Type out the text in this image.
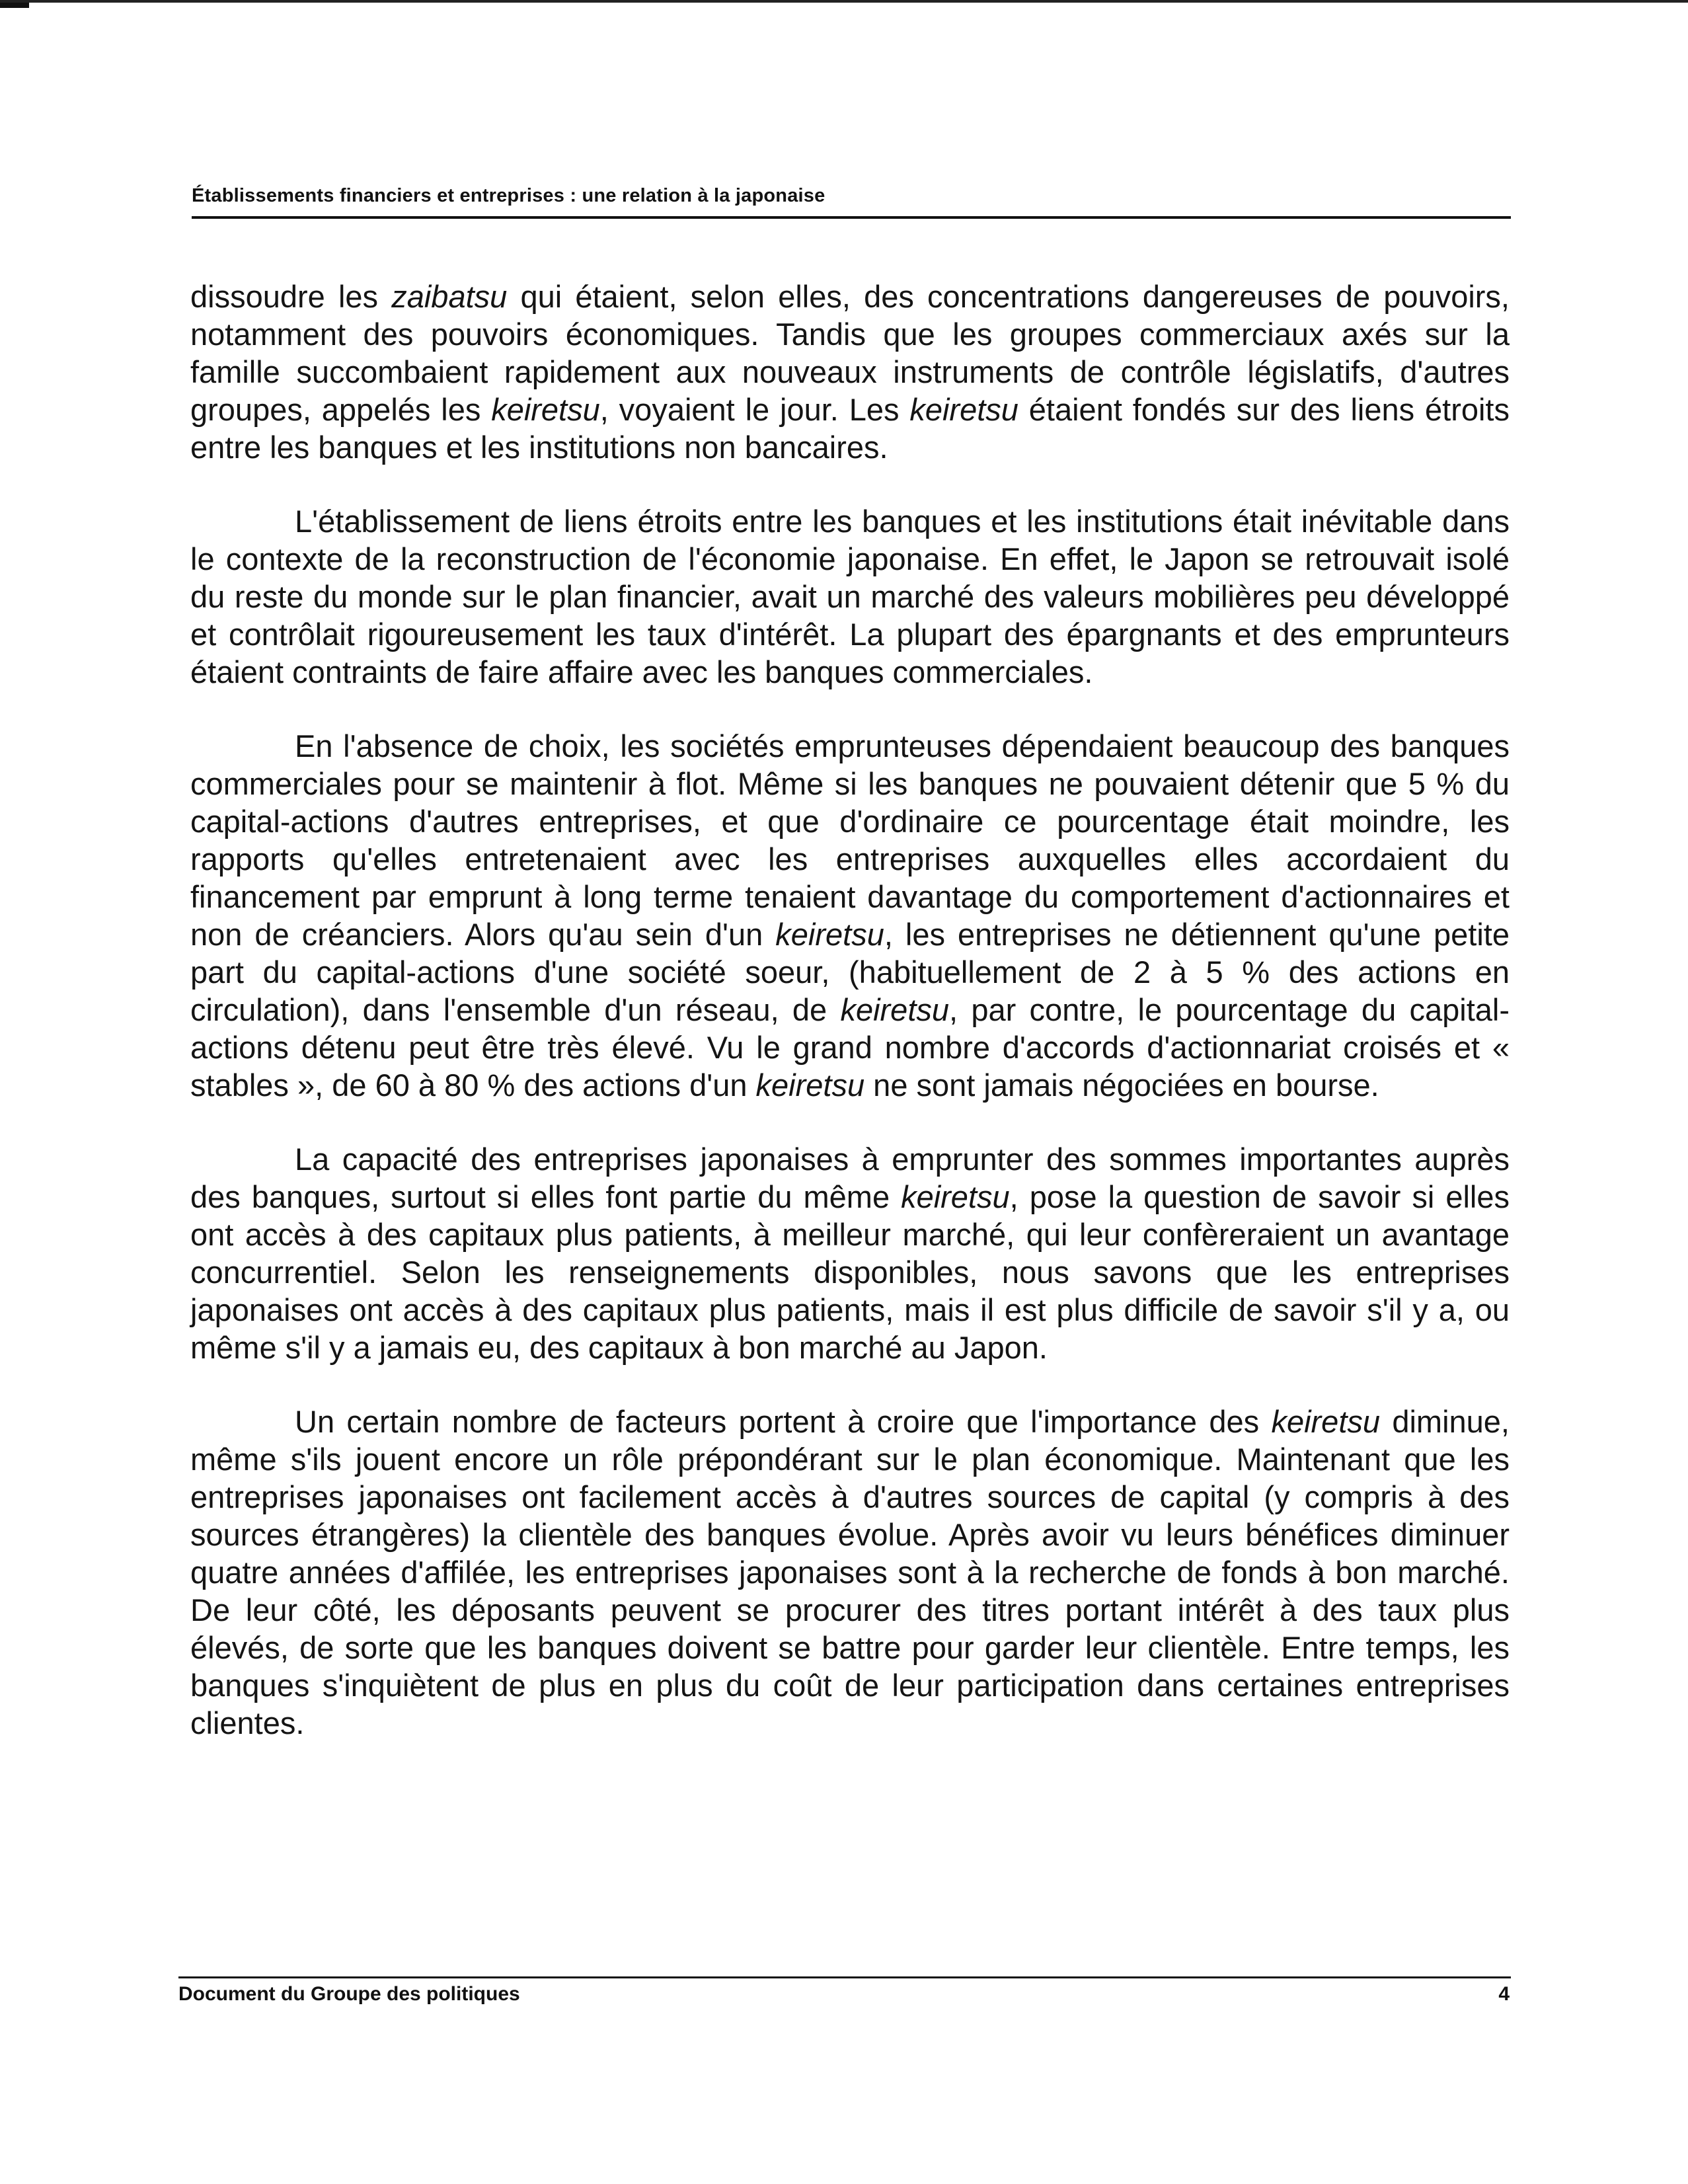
Établissements financiers et entreprises : une relation à la japonaise

dissoudre les zaibatsu qui étaient, selon elles, des concentrations dangereuses de pouvoirs, notamment des pouvoirs économiques. Tandis que les groupes commerciaux axés sur la famille succombaient rapidement aux nouveaux instruments de contrôle législatifs, d'autres groupes, appelés les keiretsu, voyaient le jour. Les keiretsu étaient fondés sur des liens étroits entre les banques et les institutions non bancaires.

L'établissement de liens étroits entre les banques et les institutions était inévitable dans le contexte de la reconstruction de l'économie japonaise. En effet, le Japon se retrouvait isolé du reste du monde sur le plan financier, avait un marché des valeurs mobilières peu développé et contrôlait rigoureusement les taux d'intérêt. La plupart des épargnants et des emprunteurs étaient contraints de faire affaire avec les banques commerciales.

En l'absence de choix, les sociétés emprunteuses dépendaient beaucoup des banques commerciales pour se maintenir à flot. Même si les banques ne pouvaient détenir que 5 % du capital-actions d'autres entreprises, et que d'ordinaire ce pourcentage était moindre, les rapports qu'elles entretenaient avec les entreprises auxquelles elles accordaient du financement par emprunt à long terme tenaient davantage du comportement d'actionnaires et non de créanciers. Alors qu'au sein d'un keiretsu, les entreprises ne détiennent qu'une petite part du capital-actions d'une société soeur, (habituellement de 2 à 5 % des actions en circulation), dans l'ensemble d'un réseau, de keiretsu, par contre, le pourcentage du capital-actions détenu peut être très élevé. Vu le grand nombre d'accords d'actionnariat croisés et « stables », de 60 à 80 % des actions d'un keiretsu ne sont jamais négociées en bourse.

La capacité des entreprises japonaises à emprunter des sommes importantes auprès des banques, surtout si elles font partie du même keiretsu, pose la question de savoir si elles ont accès à des capitaux plus patients, à meilleur marché, qui leur confèreraient un avantage concurrentiel. Selon les renseignements disponibles, nous savons que les entreprises japonaises ont accès à des capitaux plus patients, mais il est plus difficile de savoir s'il y a, ou même s'il y a jamais eu, des capitaux à bon marché au Japon.

Un certain nombre de facteurs portent à croire que l'importance des keiretsu diminue, même s'ils jouent encore un rôle prépondérant sur le plan économique. Maintenant que les entreprises japonaises ont facilement accès à d'autres sources de capital (y compris à des sources étrangères) la clientèle des banques évolue. Après avoir vu leurs bénéfices diminuer quatre années d'affilée, les entreprises japonaises sont à la recherche de fonds à bon marché. De leur côté, les déposants peuvent se procurer des titres portant intérêt à des taux plus élevés, de sorte que les banques doivent se battre pour garder leur clientèle. Entre temps, les banques s'inquiètent de plus en plus du coût de leur participation dans certaines entreprises clientes.

Document du Groupe des politiques	4
